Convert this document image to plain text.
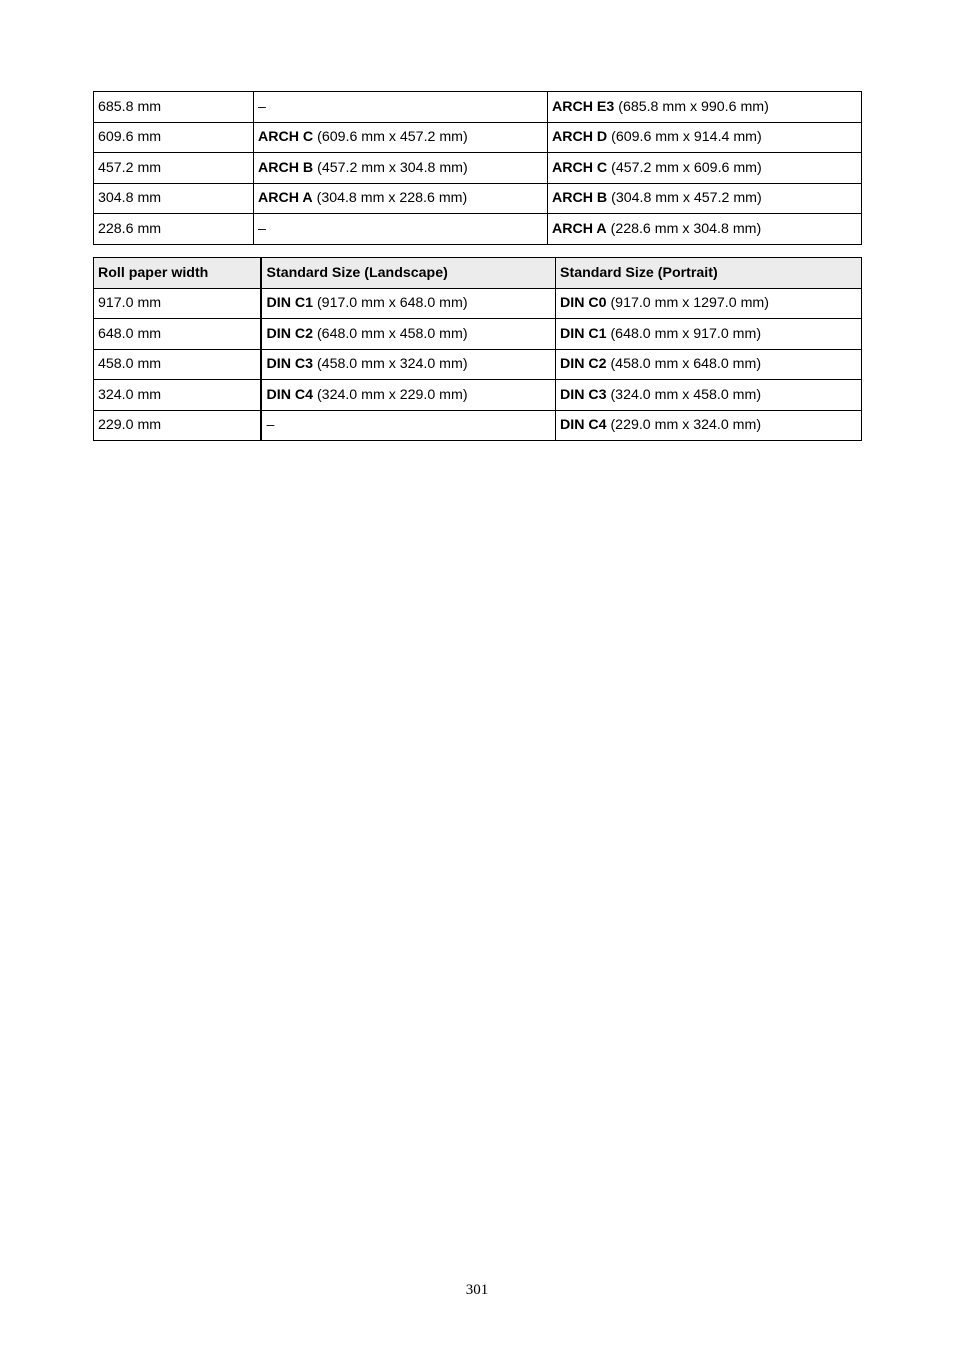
685.8 mm	–	ARCH E3 (685.8 mm x 990.6 mm)
609.6 mm	ARCH C (609.6 mm x 457.2 mm)	ARCH D (609.6 mm x 914.4 mm)
457.2 mm	ARCH B (457.2 mm x 304.8 mm)	ARCH C (457.2 mm x 609.6 mm)
304.8 mm	ARCH A (304.8 mm x 228.6 mm)	ARCH B (304.8 mm x 457.2 mm)
228.6 mm	–	ARCH A (228.6 mm x 304.8 mm)
Roll paper width	Standard Size (Landscape)	Standard Size (Portrait)
917.0 mm	DIN C1 (917.0 mm x 648.0 mm)	DIN C0 (917.0 mm x 1297.0 mm)
648.0 mm	DIN C2 (648.0 mm x 458.0 mm)	DIN C1 (648.0 mm x 917.0 mm)
458.0 mm	DIN C3 (458.0 mm x 324.0 mm)	DIN C2 (458.0 mm x 648.0 mm)
324.0 mm	DIN C4 (324.0 mm x 229.0 mm)	DIN C3 (324.0 mm x 458.0 mm)
229.0 mm	–	DIN C4 (229.0 mm x 324.0 mm)
301
